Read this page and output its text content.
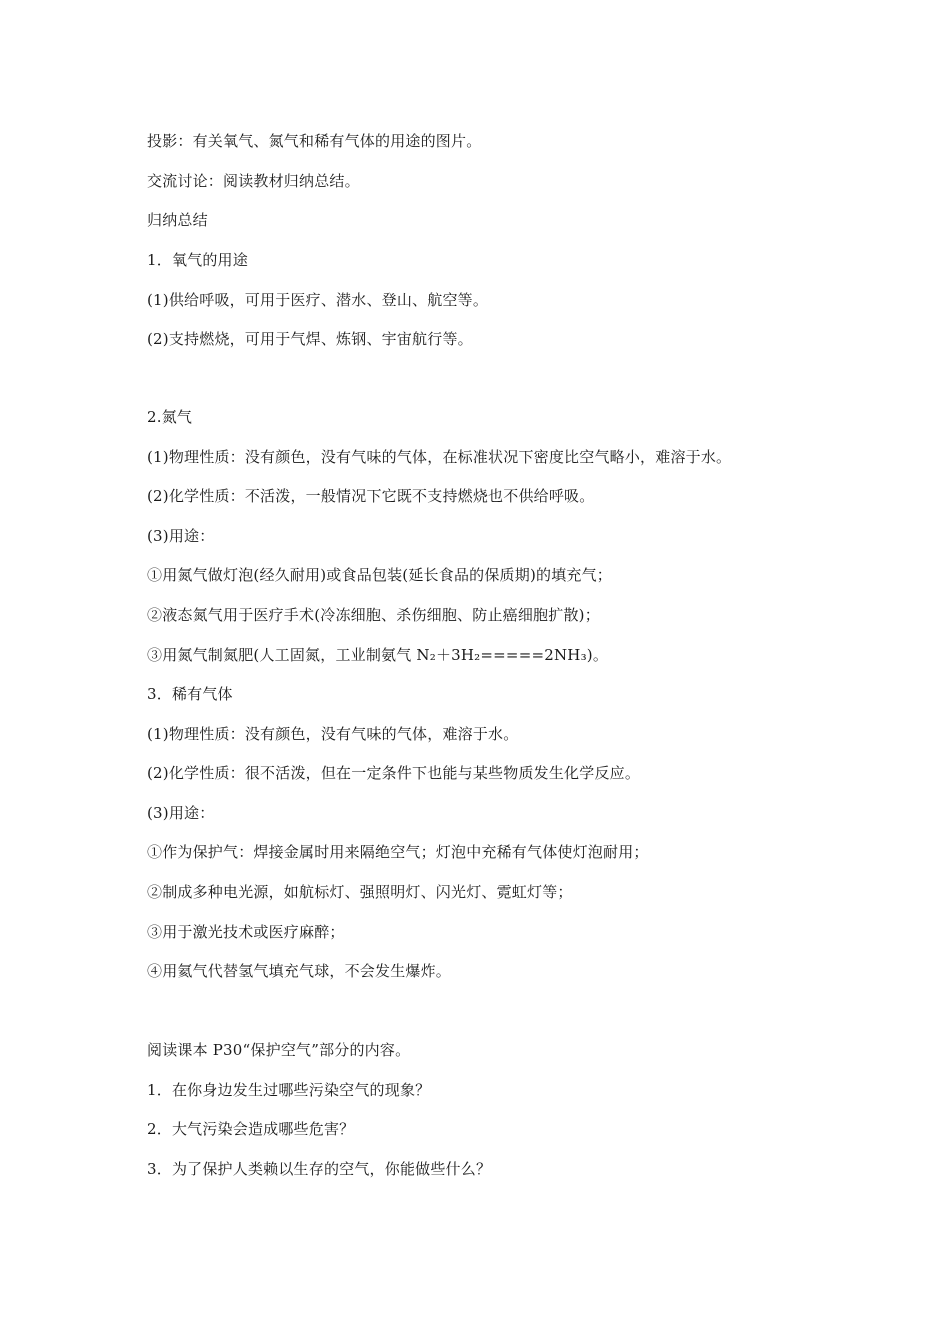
投影：有关氧气、氮气和稀有气体的用途的图片。
交流讨论：阅读教材归纳总结。
归纳总结
1．氧气的用途
(1)供给呼吸，可用于医疗、潜水、登山、航空等。
(2)支持燃烧，可用于气焊、炼钢、宇宙航行等。
2.氮气
(1)物理性质：没有颜色，没有气味的气体，在标准状况下密度比空气略小，难溶于水。
(2)化学性质：不活泼，一般情况下它既不支持燃烧也不供给呼吸。
(3)用途：
①用氮气做灯泡(经久耐用)或食品包装(延长食品的保质期)的填充气；
②液态氮气用于医疗手术(冷冻细胞、杀伤细胞、防止癌细胞扩散)；
③用氮气制氮肥(人工固氮，工业制氨气 N₂＋3H₂=====2NH₃)。
3．稀有气体
(1)物理性质：没有颜色，没有气味的气体，难溶于水。
(2)化学性质：很不活泼，但在一定条件下也能与某些物质发生化学反应。
(3)用途：
①作为保护气：焊接金属时用来隔绝空气；灯泡中充稀有气体使灯泡耐用；
②制成多种电光源，如航标灯、强照明灯、闪光灯、霓虹灯等；
③用于激光技术或医疗麻醉；
④用氦气代替氢气填充气球，不会发生爆炸。
阅读课本 P30“保护空气”部分的内容。
1．在你身边发生过哪些污染空气的现象？
2．大气污染会造成哪些危害？
3．为了保护人类赖以生存的空气，你能做些什么？
